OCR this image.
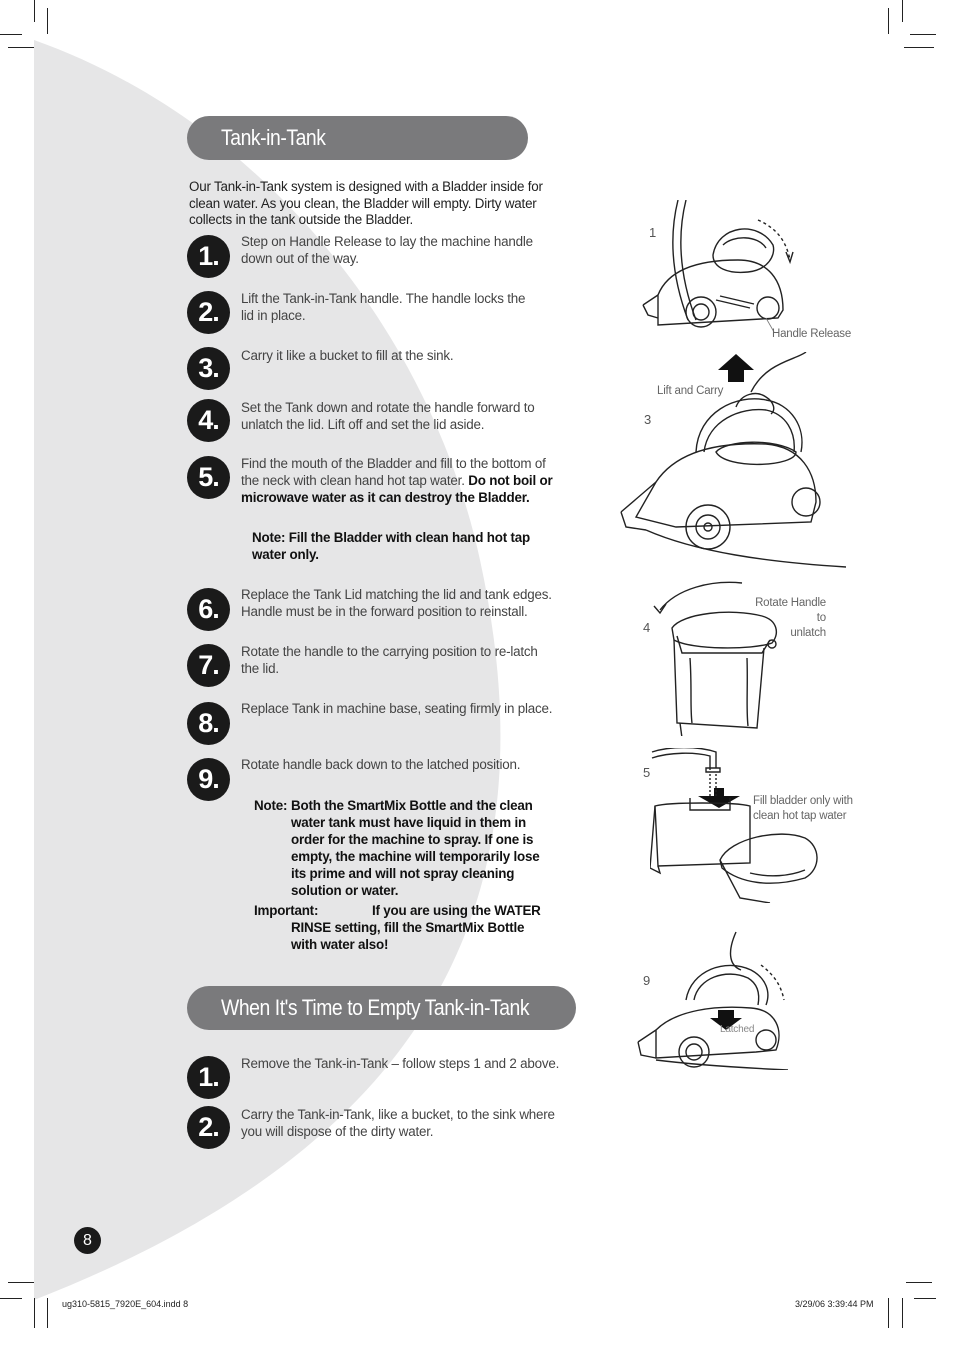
Tank-in-Tank
Our Tank-in-Tank system is designed with a Bladder inside for clean water. As you clean, the Bladder will empty. Dirty water collects in the tank outside the Bladder.
1.	Step on Handle Release to lay the machine handle down out of the way.
2.	Lift the Tank-in-Tank handle. The handle locks the lid in place.
3.	Carry it like a bucket to fill at the sink.
4.	Set the Tank down and rotate the handle forward to unlatch the lid. Lift off and set the lid aside.
5.	Find the mouth of the Bladder and fill to the bottom of the neck with clean hand hot tap water. Do not boil or microwave water as it can destroy the Bladder.
Note: Fill the Bladder with clean hand hot tap water only.
6.	Replace the Tank Lid matching the lid and tank edges. Handle must be in the forward position to reinstall.
7.	Rotate the handle to the carrying position to re-latch the lid.
8.	Replace Tank in machine base, seating firmly in place.
9.	Rotate handle back down to the latched position.
Note: Both the SmartMix Bottle and the clean water tank must have liquid in them in order for the machine to spray. If one is empty, the machine will temporarily lose its prime and will not spray cleaning solution or water.
Important:	If you are using the WATER RINSE setting, fill the SmartMix Bottle with water also!
When It's Time to Empty Tank-in-Tank
1.	Remove the Tank-in-Tank – follow steps 1 and 2 above.
2.	Carry the Tank-in-Tank, like a bucket, to the sink where you will dispose of the dirty water.
1
Handle Release
Lift and Carry
3
Rotate Handle to
unlatch
4
5
Fill bladder only with
clean hot tap water
9
Latched
8
ug310-5815_7920E_604.indd 8	3/29/06 3:39:44 PM
